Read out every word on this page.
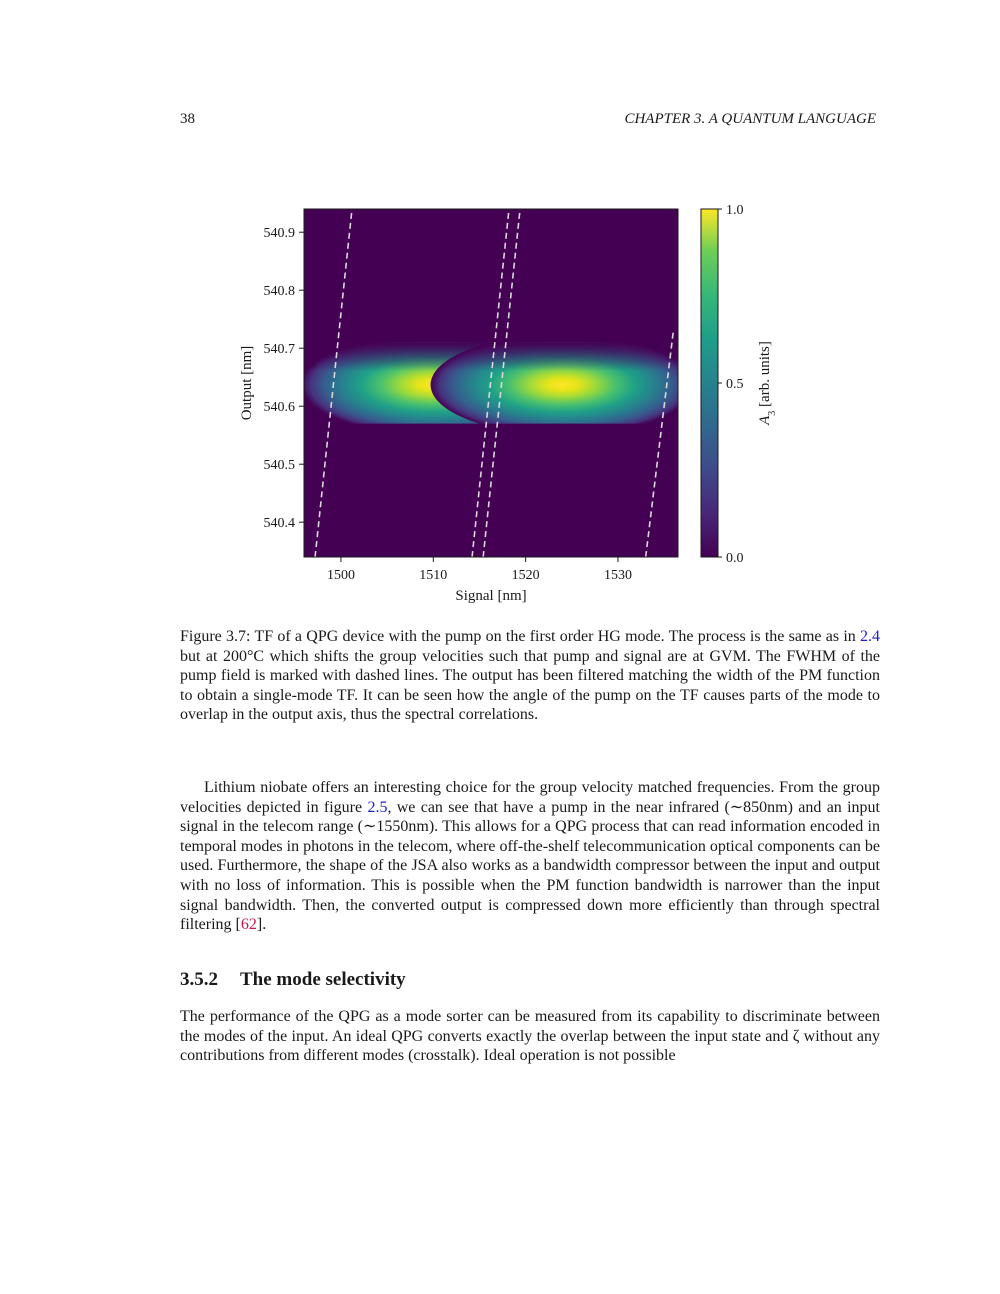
38	CHAPTER 3. A QUANTUM LANGUAGE
1500	1510	1520	1530
540.4
540.5
540.6
540.7
540.8
540.9
Signal [nm]
Output [nm]
0.0
0.5
1.0
$A_3$ [arb. units]
Figure 3.7: TF of a QPG device with the pump on the first order HG mode. The process is the same as in 2.4 but at 200°C which shifts the group velocities such that pump and signal are at GVM. The FWHM of the pump field is marked with dashed lines. The output has been filtered matching the width of the PM function to obtain a single-mode TF. It can be seen how the angle of the pump on the TF causes parts of the mode to overlap in the output axis, thus the spectral correlations.
Lithium niobate offers an interesting choice for the group velocity matched frequencies. From the group velocities depicted in figure 2.5, we can see that have a pump in the near infrared (∼850nm) and an input signal in the telecom range (∼1550nm). This allows for a QPG process that can read information encoded in temporal modes in photons in the telecom, where off-the-shelf telecommunication optical components can be used. Furthermore, the shape of the JSA also works as a bandwidth compressor between the input and output with no loss of information. This is possible when the PM function bandwidth is narrower than the input signal bandwidth. Then, the converted output is compressed down more efficiently than through spectral filtering [62].
3.5.2 The mode selectivity
The performance of the QPG as a mode sorter can be measured from its capability to discriminate between the modes of the input. An ideal QPG converts exactly the overlap between the input state and ζ without any contributions from different modes (crosstalk). Ideal operation is not possible
